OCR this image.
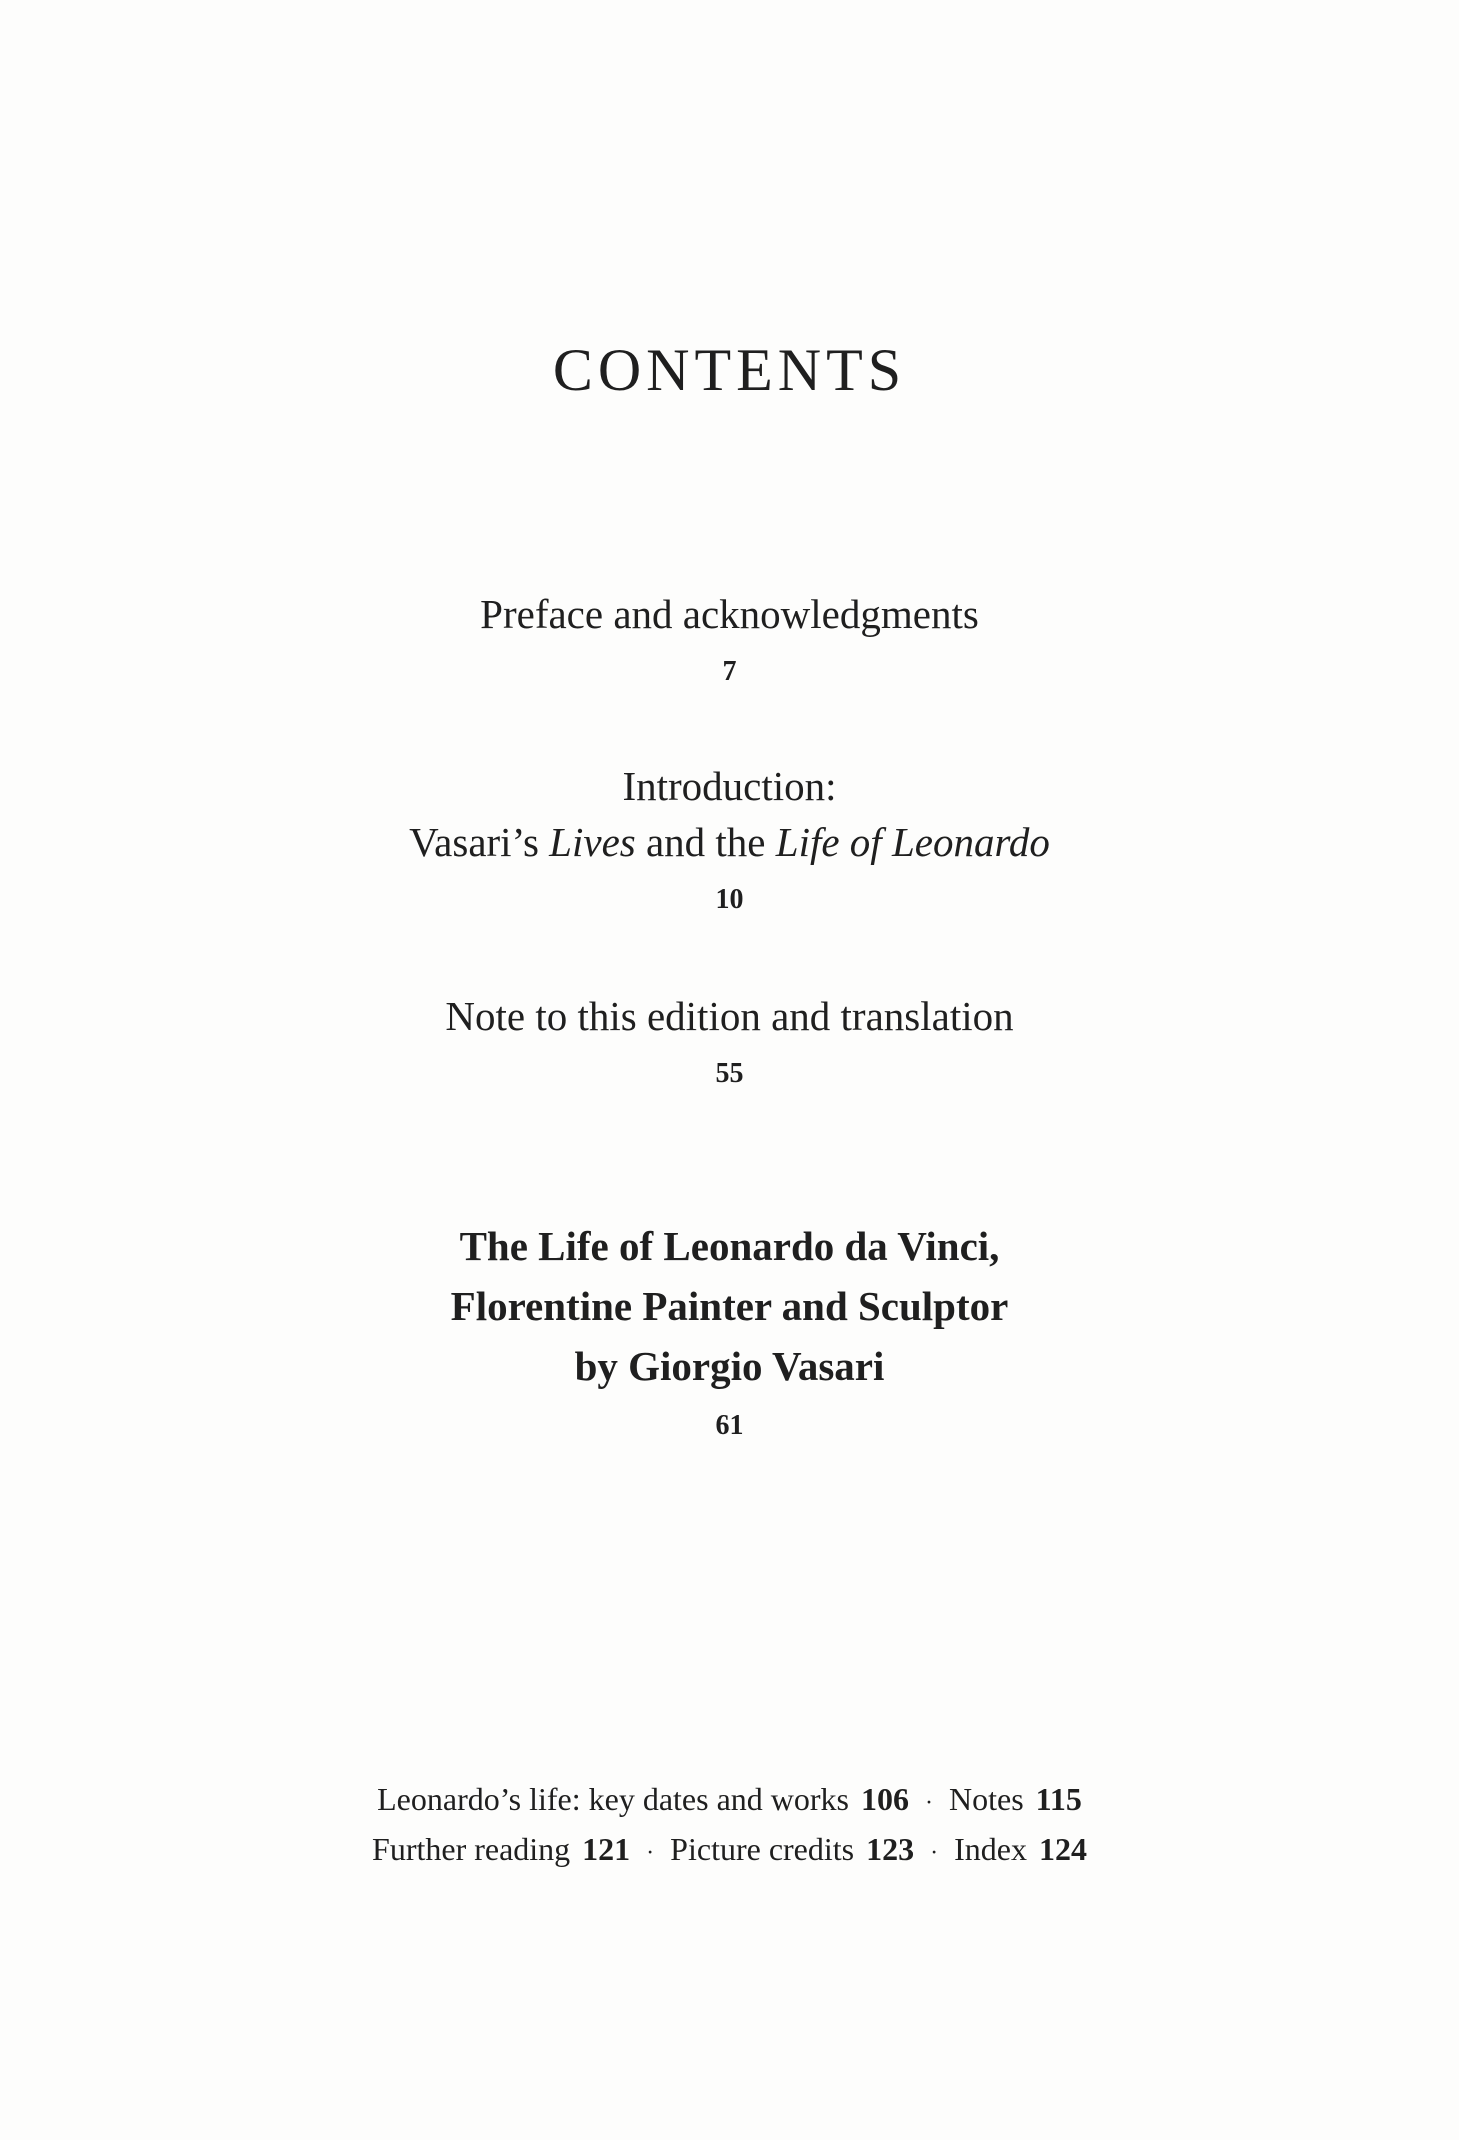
CONTENTS
Preface and acknowledgments
7
Introduction:
Vasari’s Lives and the Life of Leonardo
10
Note to this edition and translation
55
The Life of Leonardo da Vinci,
Florentine Painter and Sculptor
by Giorgio Vasari
61
Leonardo’s life: key dates and works 106 · Notes 115
Further reading 121 · Picture credits 123 · Index 124
